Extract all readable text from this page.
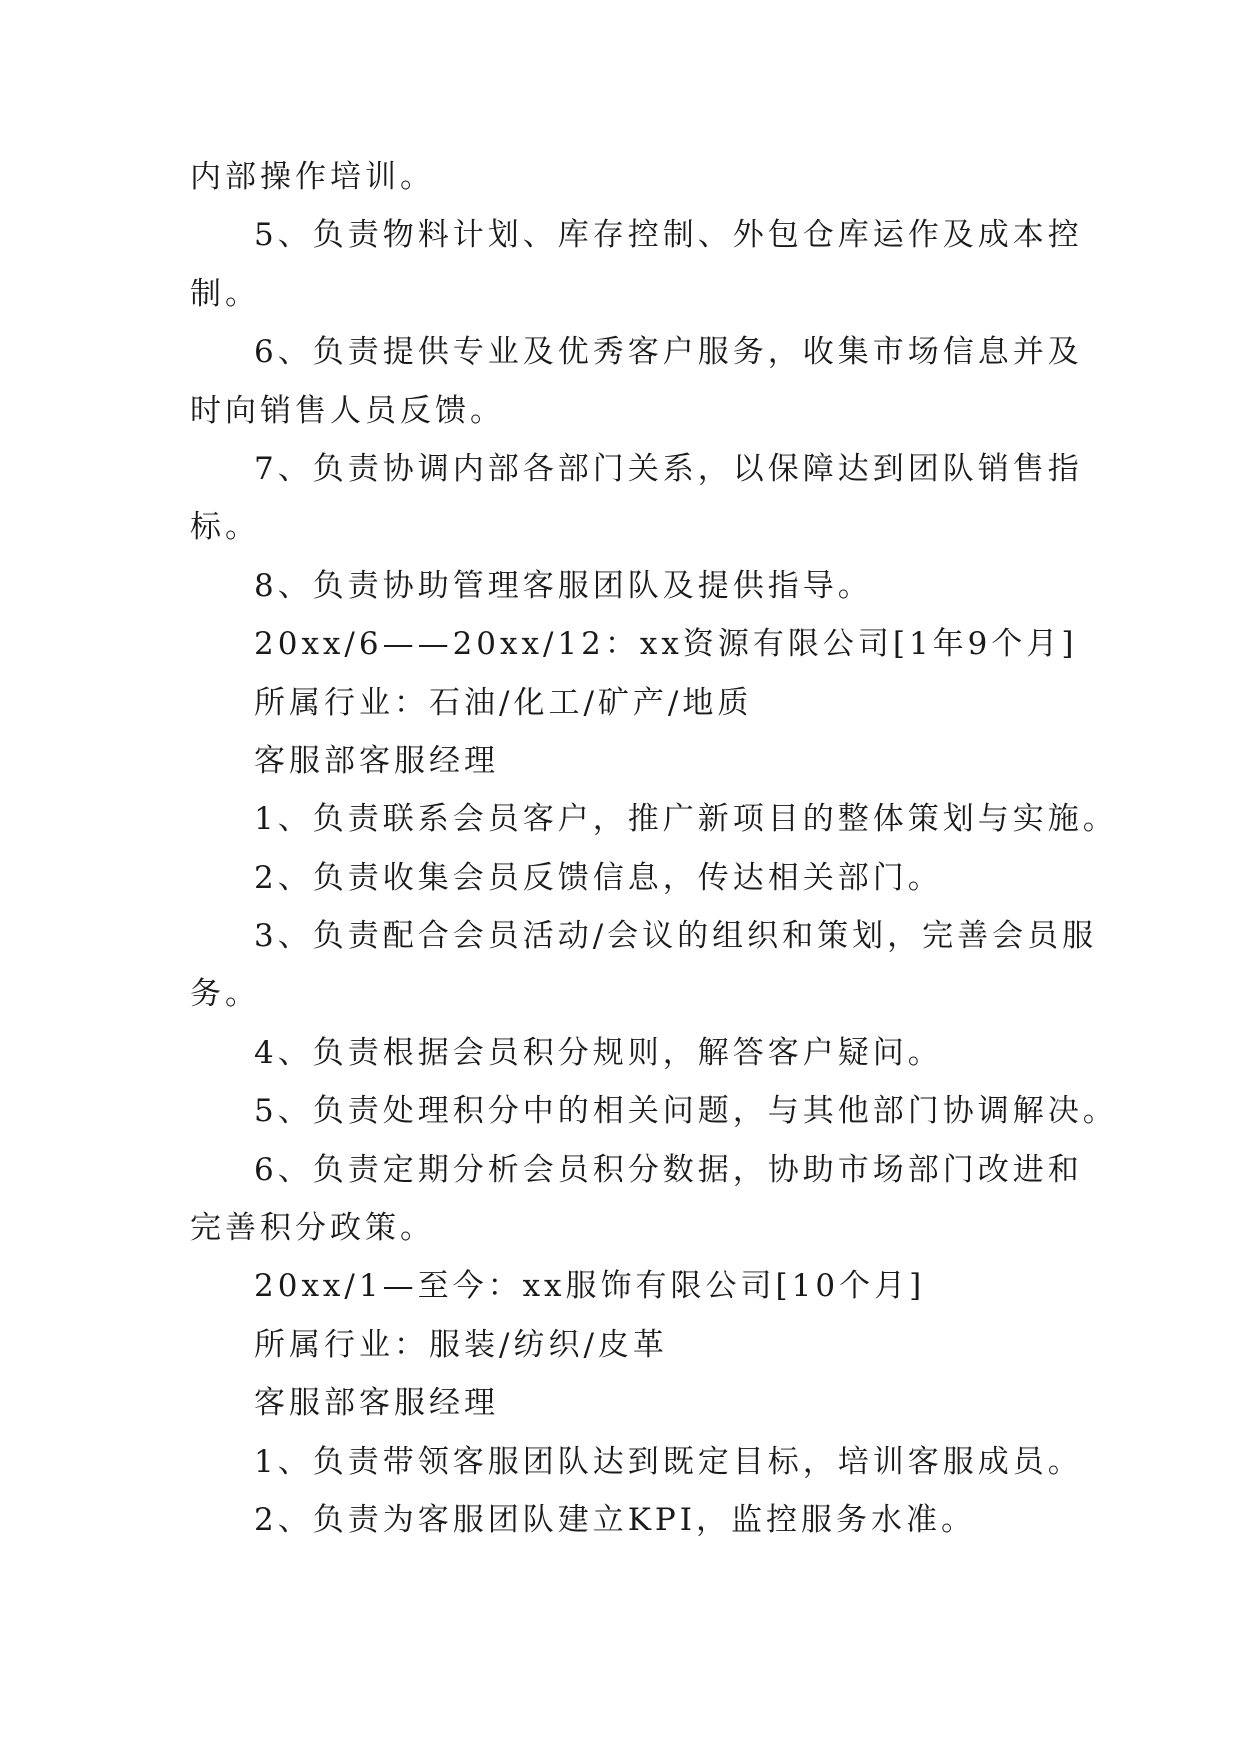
内部操作培训。
5、负责物料计划、库存控制、外包仓库运作及成本控
制。
6、负责提供专业及优秀客户服务，收集市场信息并及
时向销售人员反馈。
7、负责协调内部各部门关系，以保障达到团队销售指
标。
8、负责协助管理客服团队及提供指导。
20xx/6——20xx/12：xx资源有限公司[1年9个月]
所属行业：石油/化工/矿产/地质
客服部客服经理
1、负责联系会员客户，推广新项目的整体策划与实施。
2、负责收集会员反馈信息，传达相关部门。
3、负责配合会员活动/会议的组织和策划，完善会员服
务。
4、负责根据会员积分规则，解答客户疑问。
5、负责处理积分中的相关问题，与其他部门协调解决。
6、负责定期分析会员积分数据，协助市场部门改进和
完善积分政策。
20xx/1—至今：xx服饰有限公司[10个月]
所属行业：服装/纺织/皮革
客服部客服经理
1、负责带领客服团队达到既定目标，培训客服成员。
2、负责为客服团队建立KPI，监控服务水准。
